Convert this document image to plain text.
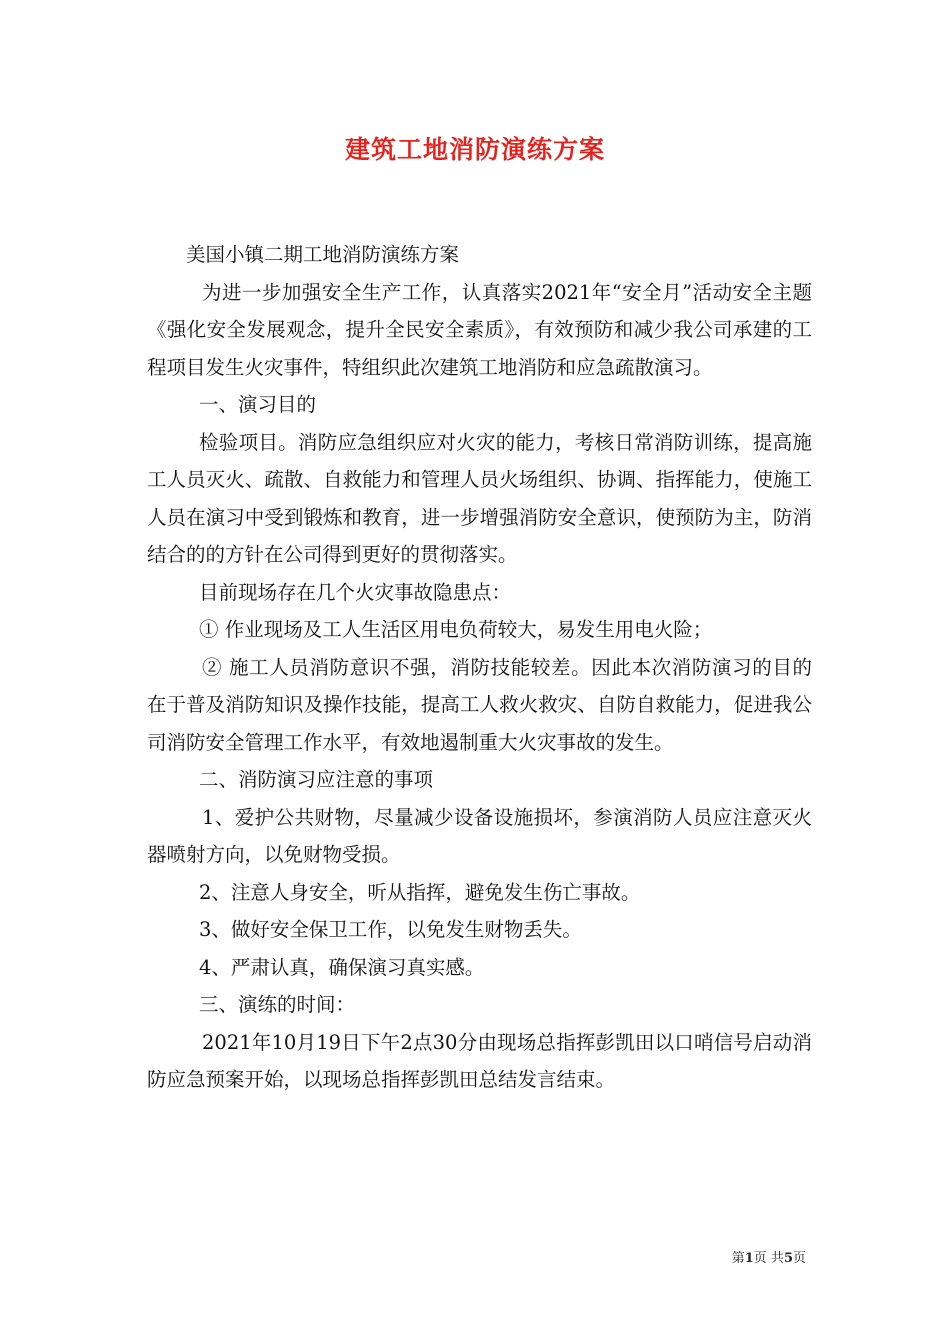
建筑工地消防演练方案

美国小镇二期工地消防演练方案

为进一步加强安全生产工作，认真落实2021年“安全月”活动安全主题《强化安全发展观念，提升全民安全素质》，有效预防和减少我公司承建的工程项目发生火灾事件，特组织此次建筑工地消防和应急疏散演习。

一、演习目的

检验项目。消防应急组织应对火灾的能力，考核日常消防训练，提高施工人员灭火、疏散、自救能力和管理人员火场组织、协调、指挥能力，使施工人员在演习中受到锻炼和教育，进一步增强消防安全意识，使预防为主，防消结合的的方针在公司得到更好的贯彻落实。

目前现场存在几个火灾事故隐患点：

① 作业现场及工人生活区用电负荷较大，易发生用电火险；

② 施工人员消防意识不强，消防技能较差。因此本次消防演习的目的在于普及消防知识及操作技能，提高工人救火救灾、自防自救能力，促进我公司消防安全管理工作水平，有效地遏制重大火灾事故的发生。

二、消防演习应注意的事项

1、爱护公共财物，尽量减少设备设施损坏，参演消防人员应注意灭火器喷射方向，以免财物受损。

2、注意人身安全，听从指挥，避免发生伤亡事故。

3、做好安全保卫工作，以免发生财物丢失。

4、严肃认真，确保演习真实感。

三、演练的时间：

2021年10月19日下午2点30分由现场总指挥彭凯田以口哨信号启动消防应急预案开始，以现场总指挥彭凯田总结发言结束。

第1页 共5页
